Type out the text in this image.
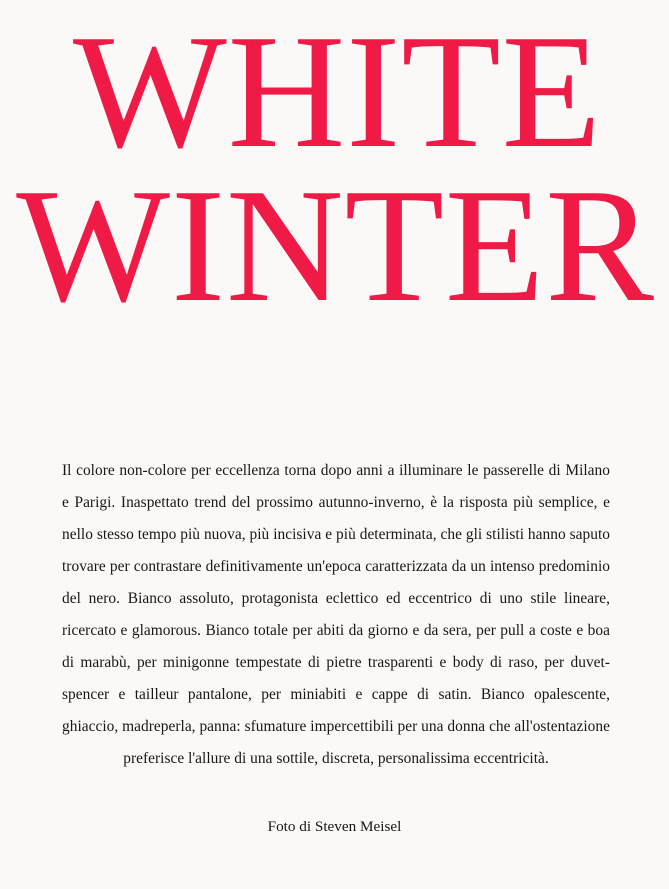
WHITE
WINTER

Il colore non-colore per eccellenza torna dopo anni a illuminare le passerelle di Milano e Parigi. Inaspettato trend del prossimo autunno-inverno, è la risposta più semplice, e nello stesso tempo più nuova, più incisiva e più determinata, che gli stilisti hanno saputo trovare per contrastare definitivamente un'epoca caratterizzata da un intenso predominio del nero. Bianco assoluto, protagonista eclettico ed eccentrico di uno stile lineare, ricercato e glamorous. Bianco totale per abiti da giorno e da sera, per pull a coste e boa di marabù, per minigonne tempestate di pietre trasparenti e body di raso, per duvet-spencer e tailleur pantalone, per miniabiti e cappe di satin. Bianco opalescente, ghiaccio, madreperla, panna: sfumature impercettibili per una donna che all'ostentazione preferisce l'allure di una sottile, discreta, personalissima eccentricità.

Foto di Steven Meisel
